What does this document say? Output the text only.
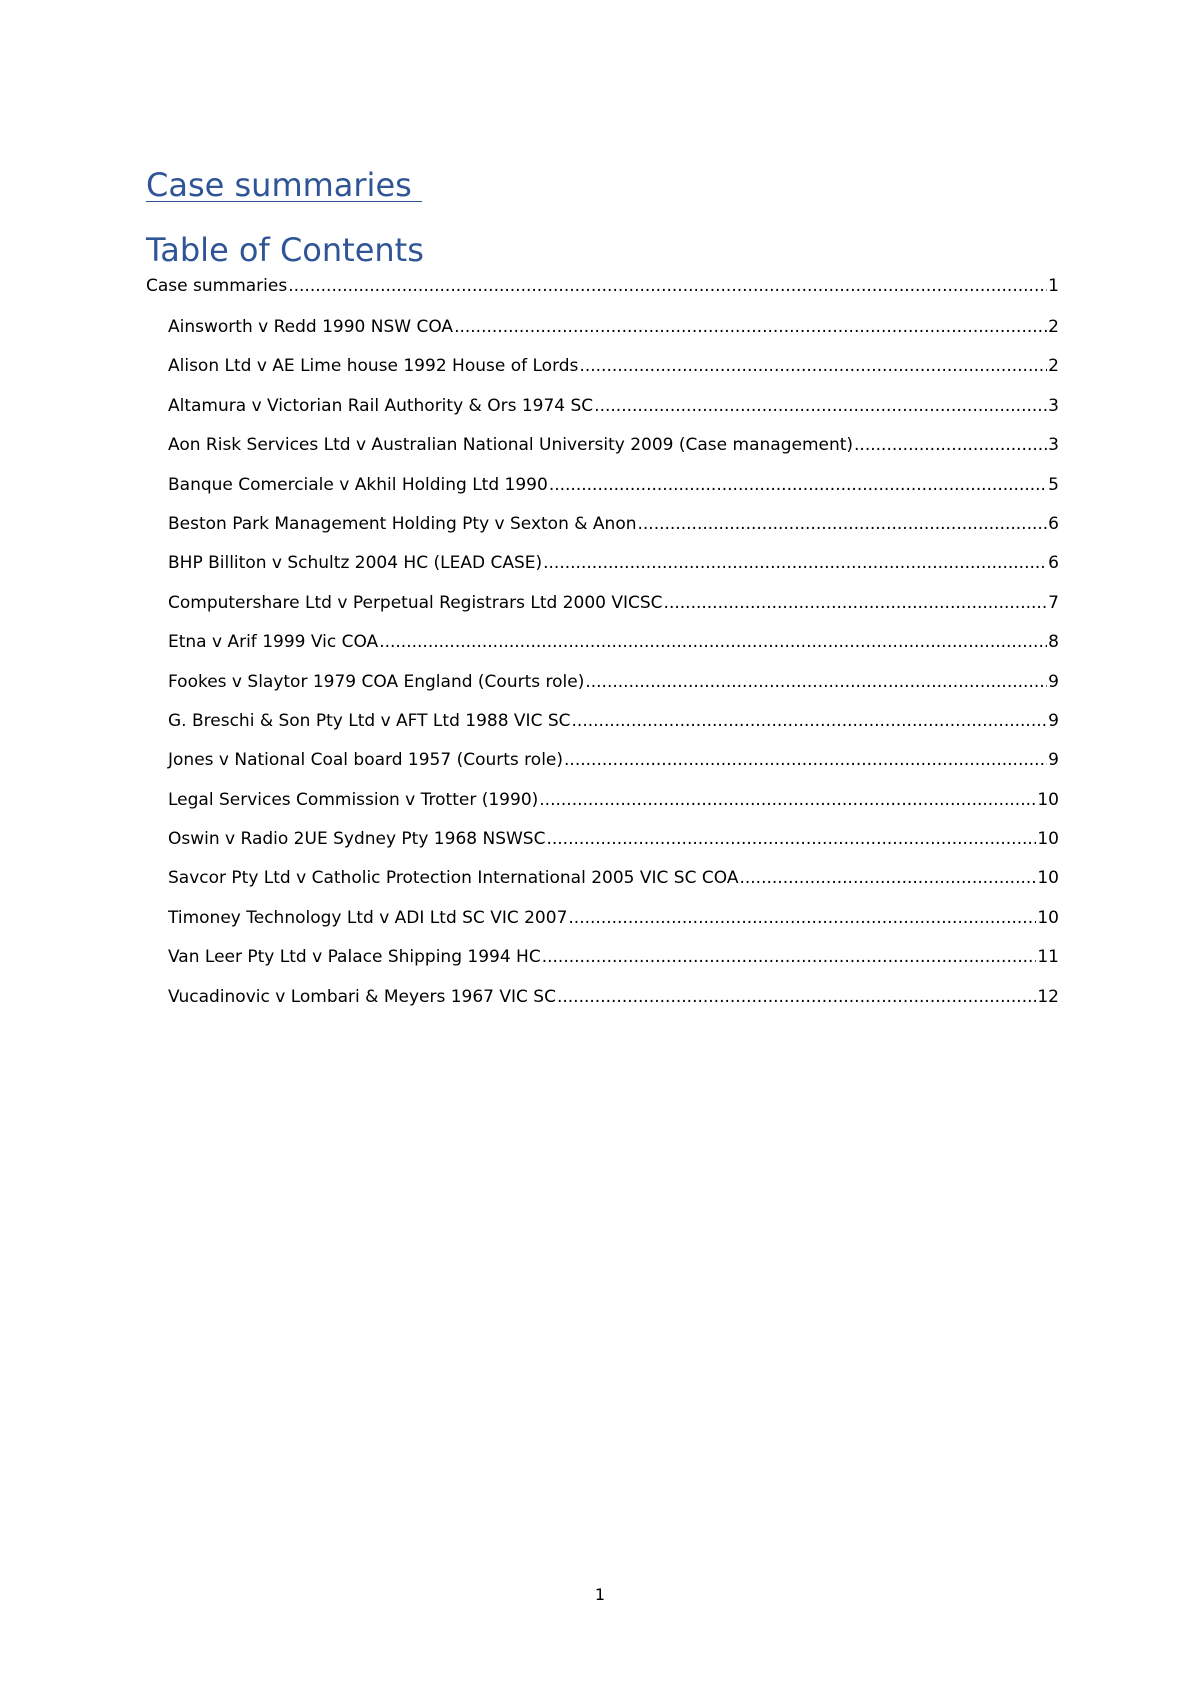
Case summaries
Table of Contents
Case summaries .....	1
Ainsworth v Redd 1990 NSW COA .....	2
Alison Ltd v AE Lime house 1992 House of Lords .....	2
Altamura v Victorian Rail Authority & Ors 1974 SC .....	3
Aon Risk Services Ltd v Australian National University 2009 (Case management) .....	3
Banque Comerciale v Akhil Holding Ltd 1990 .....	5
Beston Park Management Holding Pty v Sexton & Anon .....	6
BHP Billiton v Schultz 2004 HC (LEAD CASE) .....	6
Computershare Ltd v Perpetual Registrars Ltd 2000 VICSC .....	7
Etna v Arif 1999 Vic COA .....	8
Fookes v Slaytor 1979 COA England (Courts role) .....	9
G. Breschi & Son Pty Ltd v AFT Ltd 1988 VIC SC .....	9
Jones v National Coal board 1957 (Courts role) .....	9
Legal Services Commission v Trotter (1990) .....	10
Oswin v Radio 2UE Sydney Pty 1968 NSWSC .....	10
Savcor Pty Ltd v Catholic Protection International 2005 VIC SC COA .....	10
Timoney Technology Ltd v ADI Ltd SC VIC 2007 .....	10
Van Leer Pty Ltd v Palace Shipping 1994 HC .....	11
Vucadinovic v Lombari & Meyers 1967 VIC SC .....	12
1
